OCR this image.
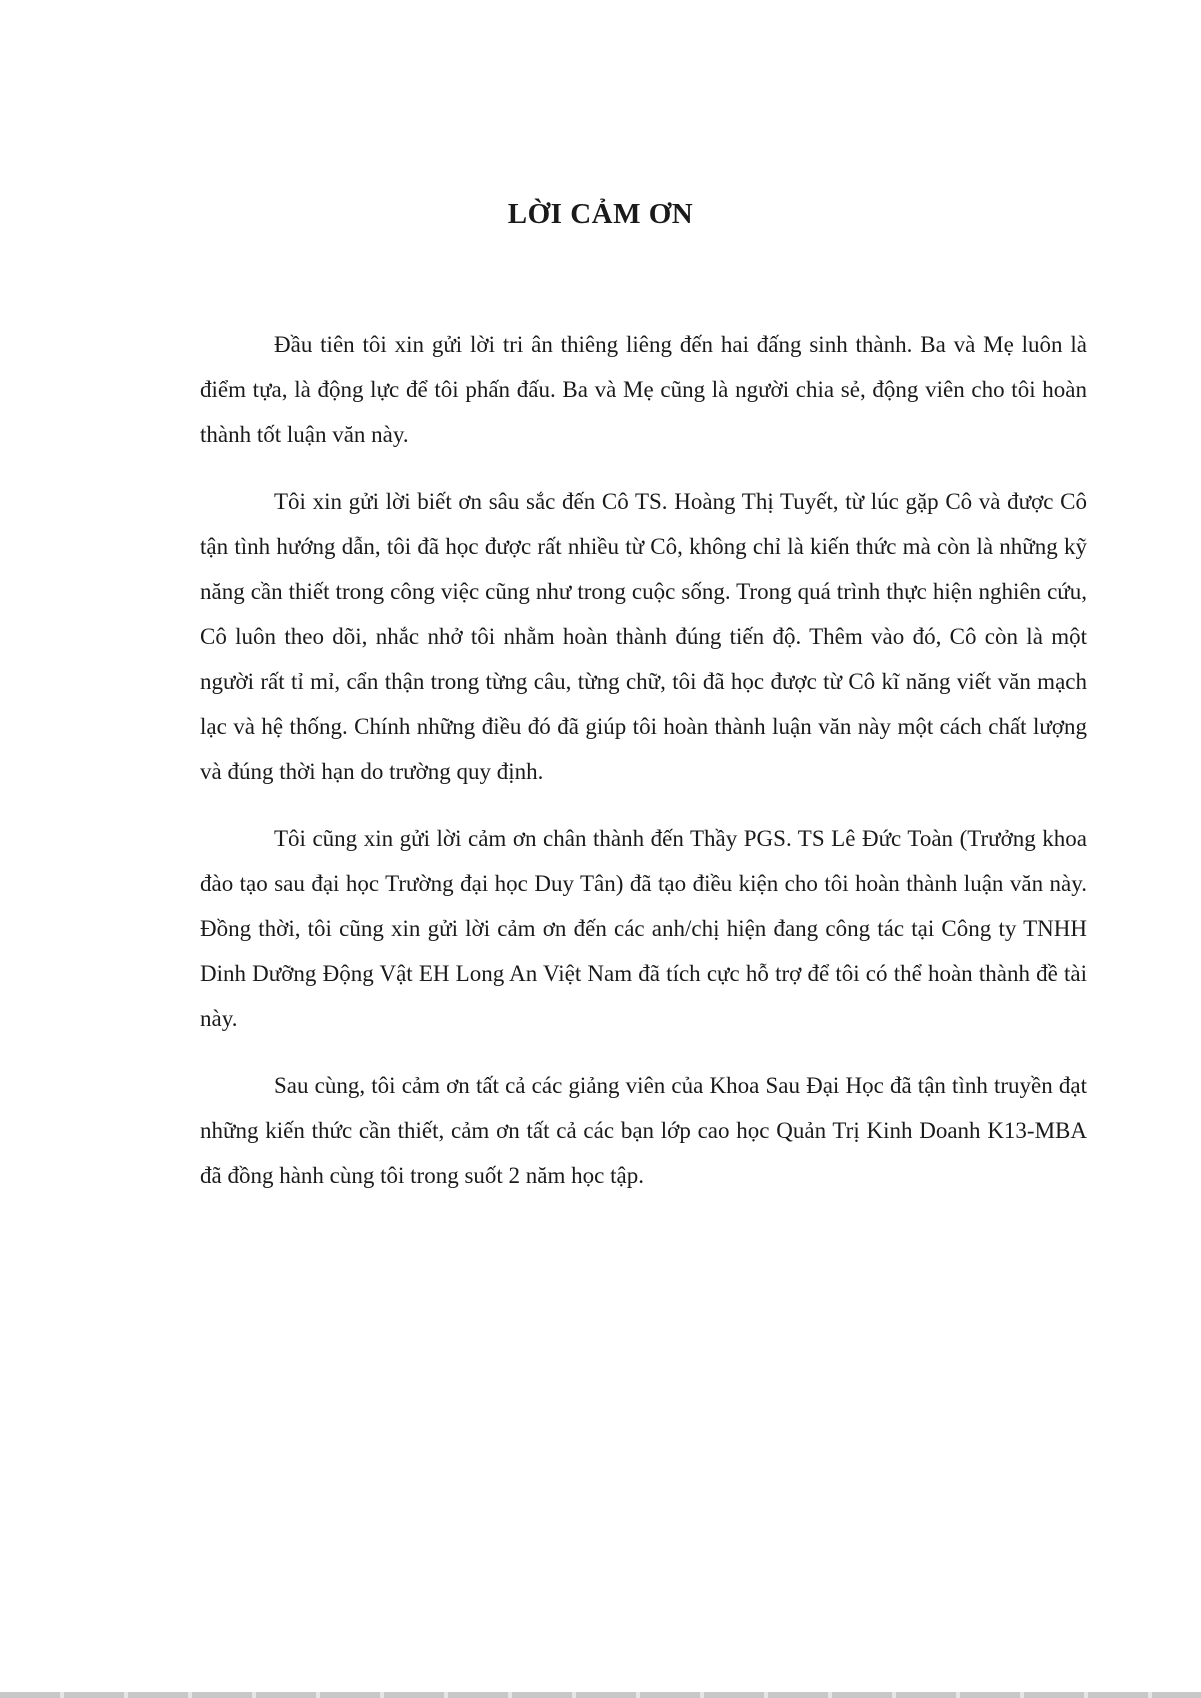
LỜI CẢM ƠN

Đầu tiên tôi xin gửi lời tri ân thiêng liêng đến hai đấng sinh thành. Ba và Mẹ luôn là điểm tựa, là động lực để tôi phấn đấu. Ba và Mẹ cũng là người chia sẻ, động viên cho tôi hoàn thành tốt luận văn này.

Tôi xin gửi lời biết ơn sâu sắc đến Cô TS. Hoàng Thị Tuyết, từ lúc gặp Cô và được Cô tận tình hướng dẫn, tôi đã học được rất nhiều từ Cô, không chỉ là kiến thức mà còn là những kỹ năng cần thiết trong công việc cũng như trong cuộc sống. Trong quá trình thực hiện nghiên cứu, Cô luôn theo dõi, nhắc nhở tôi nhằm hoàn thành đúng tiến độ. Thêm vào đó, Cô còn là một người rất tỉ mỉ, cẩn thận trong từng câu, từng chữ, tôi đã học được từ Cô kĩ năng viết văn mạch lạc và hệ thống. Chính những điều đó đã giúp tôi hoàn thành luận văn này một cách chất lượng và đúng thời hạn do trường quy định.

Tôi cũng xin gửi lời cảm ơn chân thành đến Thầy PGS. TS Lê Đức Toàn (Trưởng khoa đào tạo sau đại học Trường đại học Duy Tân) đã tạo điều kiện cho tôi hoàn thành luận văn này. Đồng thời, tôi cũng xin gửi lời cảm ơn đến các anh/chị hiện đang công tác tại Công ty TNHH Dinh Dưỡng Động Vật EH Long An Việt Nam đã tích cực hỗ trợ để tôi có thể hoàn thành đề tài này.

Sau cùng, tôi cảm ơn tất cả các giảng viên của Khoa Sau Đại Học đã tận tình truyền đạt những kiến thức cần thiết, cảm ơn tất cả các bạn lớp cao học Quản Trị Kinh Doanh K13-MBA đã đồng hành cùng tôi trong suốt 2 năm học tập.
